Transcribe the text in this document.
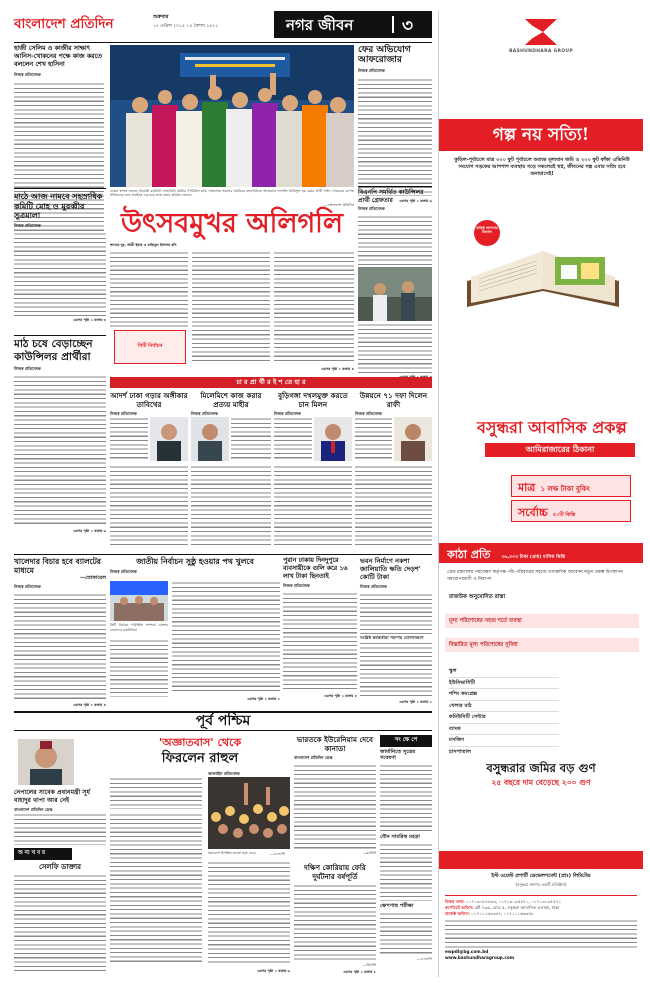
বাংলাদেশ প্রতিদিন	শুক্রবার
১৭ এপ্রিল ২০১৫ । ৪ বৈশাখ ১৪২২	নগর জীবন	৩
হাজী সেলিম ও কাজীর সাক্ষাৎ আনিস-খোকনের পক্ষে কাজ করতে বললেন শেখ হাসিনা
নিজস্ব প্রতিবেদক
ঢাকায় স্বাগত জানান আরাত্রী রায়চিনী সোহাবিনী মৌমীর গণমিছিল ছবি: সাতাশেক সকলার সমর্থনের মহানগরীতে আজকাল দলপতি আনিসুল হক মেয়র প্রার্থী সাঈদ খোকনের ব্যাপক সম্মিলনের জন্য সবাইকে এক হয়ে কাজ করার আহ্বান জানান
—বাংলাদেশ প্রতিদিন
ফের অভিযোগ
আফরোজার
নিজস্ব প্রতিবেদক
এরপর পৃষ্ঠা ২ কলাম ৬
মাঠে আজ নামবে সহস্রাধিক কমিটি মোহ ও মুরব্বীর সুত্রমালা
নিজস্ব প্রতিবেদক
এরপর পৃষ্ঠা ২ কলাম ৩
উৎসবমুখর অলিগলি
সাবেক দুর, আমী ইমাম ও রাকিবুল ইসলাম রনি
সিটি নির্বাচন
এরপর পৃষ্ঠা ২ কলাম ৪
বিএনপি সমর্থিত কাউন্সিলর প্রার্থী গ্রেফতার
নিজস্ব প্রতিবেদক
চা র প্রা র্থী র ই শ তে হা র
মাঠ চষে বেড়াচ্ছেন কাউন্সিলর প্রার্থীরা
নিজস্ব প্রতিবেদক
এরপর পৃষ্ঠা ২ কলাম ৬
আদর্শ ঢাকা গড়ার অঙ্গীকার তাবিথের
নিজস্ব প্রতিবেদক
মিলেমিশে কাজ করার প্রত্যয় মাহীর
নিজস্ব প্রতিবেদক
বুড়িগঙ্গা দখলমুক্ত করতে চান মিলন
নিজস্ব প্রতিবেদক
উন্নয়নে ৭১ দফা দিলেন রাফী
নিজস্ব প্রতিবেদক
খালেদার বিচার হবে ব্যালটের মাধ্যমে
—তোফায়েল
নিজস্ব প্রতিবেদক
এরপর পৃষ্ঠা ২ কলাম ৪
জাতীয় নির্বাচন সুষ্ঠু হওয়ার পথ খুলবে
নিজস্ব প্রতিবেদক
সিটি নির্বাচন পরিস্থিতি সম্পর্কে ডাক্তার নেতাদের মতবিনিময়
এরপর পৃষ্ঠা ২ কলাম ২
পুরান ঢাকায় দিনদুপুরে ব্যবসায়ীকে গুলি করে ১৬ লাখ টাকা ছিনতাই
নিজস্ব প্রতিবেদক
এরপর পৃষ্ঠা ২ কলাম ৪
ভবন নির্মাণে নকশা জালিয়াতি ক্ষতি দেড়শ' কোটি টাকা
নিজস্ব প্রতিবেদক
সংশ্লিষ্ট কর্মকর্তারা পরস্পর যোগসাজশে
এরপর পৃষ্ঠা ২ কলাম ২
পূর্ব পশ্চিম
নেপালের সাবেক প্রধানমন্ত্রী সূর্য বাহাদুর থাপা আর নেই
বাংলাদেশ প্রতিদিন ডেস্ক
অ ন্য খ ব র
সেলফি ডাক্তার
'অজ্ঞাতবাস' থেকে
ফিরলেন রাহুল
অনলাইন প্রতিবেদক
সমাবেশে উপস্থিত জনতা হাত নেড়ে	—এএফপি
এরপর পৃষ্ঠা ২ কলাম ৬
ভারতকে ইউরেনিয়াম দেবে কানাডা
বাংলাদেশ প্রতিদিন ডেস্ক
—রয়টার্স
দক্ষিণ কোরিয়ায় ফেরি দুর্ঘটনার বর্ষপূর্তি
—বিবিসি
এরপর পৃষ্ঠা ২ কলাম ৮
সং ক্ষে পে
জার্মানিতে সূত্রের গবেষণা
যৌন সামরিক মহড়া
ক্ষেপণাস্ত্র পরীক্ষা
—এএফপি
BASHUNDHARA GROUP
গল্প নয় সত্যি!
কুড়িল-পূর্বাচলে মাত্র ৩০০ ফুট পূর্বাচলে অত্যন্ত মূল্যবান জমি ও ২০০ ফুট ফাঁকা এভিনিউ সংযোগ সড়কের আশপাশ ব্যবস্থায় গড়ে সকলেরই স্বপ্ন, জীবনের গল্প এবার সত্যি হবে অনায়াসেই!
বাড়িই আপনার ঠিকানা
বসুন্ধরা আবাসিক প্রকল্প
আমিরাজারের ঠিকানা
মাত্র ১ লক্ষ টাকা বুকিং
সর্বোচ্চ ৫০টি কিস্তি
কাঠা প্রতি ৩৬,৩৩৩ টাকা (প্রায়) মাসিক কিস্তি
গ্রেড মন্ত্রণালয় পর্যবেক্ষণ কর্তৃপক্ষ পাঁচ পরিবারের সহজে তাৎক্ষণিক আবেদন নতুন প্রকল্প উপস্থাপন সময়োপযোগী ও নিরাপদ
রাজউক অনুমোদিত রাস্তা
মূল্য পরিশোধের সহজ শর্তে ব্যবস্থা
বিস্তারিত মূল্য পরিশোধের সুবিধা
স্কুল
ইউনিভার্সিটি
শপিং কমপ্লেক্স
খেলার মাঠ
কমিউনিটি সেন্টার
ব্যাংক
মসজিদ
হাসপাতাল
বসুন্ধরার জমির বড় গুণ
২৫ বছরে দাম বেড়েছে ২০০ গুণ
ইস্ট ওয়েস্ট প্রপার্টি ডেভেলপমেন্ট (প্রাঃ) লিমিটেড
(বসুন্ধরা গ্রুপের একটি প্রতিষ্ঠান)
বিক্রয় তথ্য: ০১৭১৩০৮৪৮৬৩, ০১৭১৩০৯৫৪৭০, ০১৭১৩০৯৫৪৭১
কর্পোরেট অফিস: প্লট ৭৩৬, রোড ৫, বসুন্ধরা আবাসিক এলাকা, ঢাকা
প্রজেক্ট অফিস: ০১৭১১১৬৬৩৪৭, ০১৭১১১৬৬৩৪৮
ewpdl@bg.com.bd
www.bashundharagroup.com
